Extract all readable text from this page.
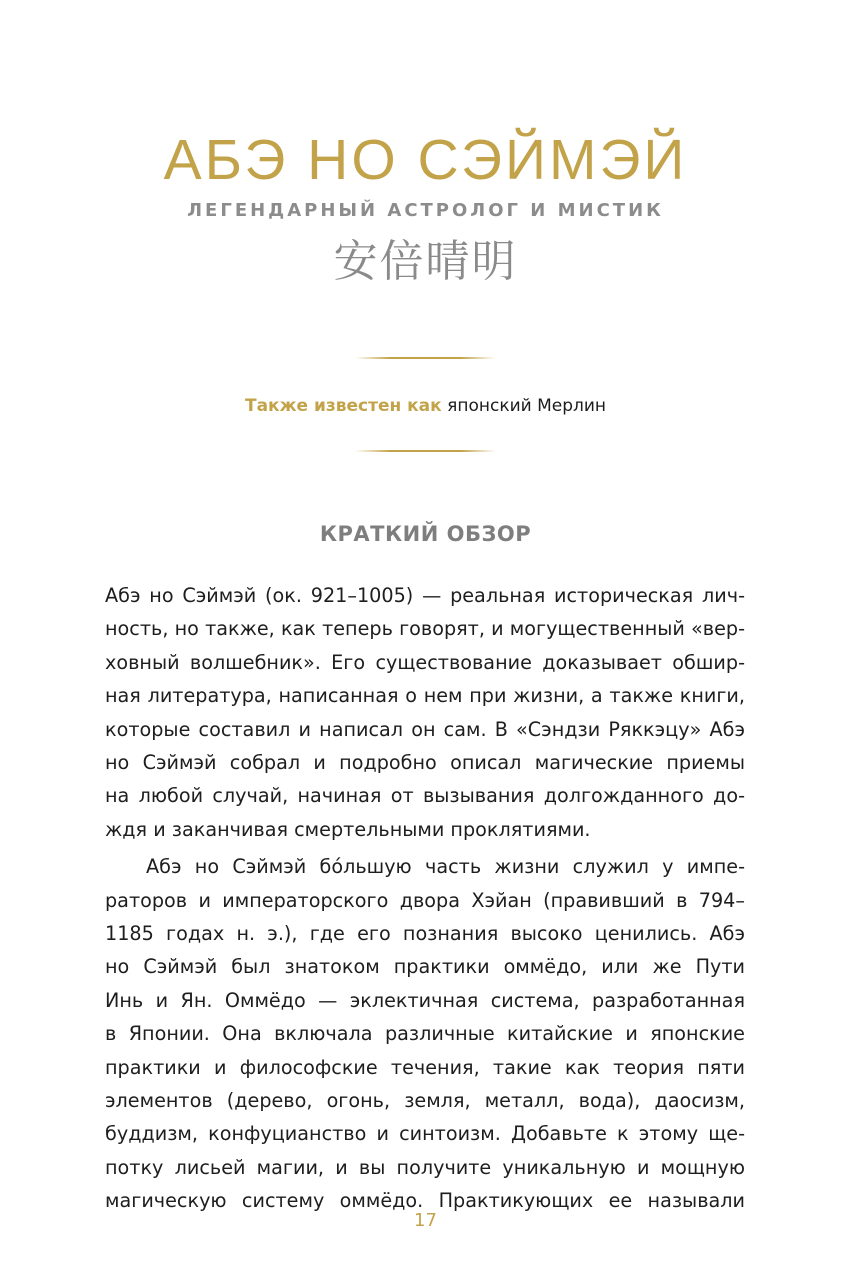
АБЭ НО СЭЙМЭЙ
ЛЕГЕНДАРНЫЙ АСТРОЛОГ И МИСТИК
安倍晴明
Также известен как японский Мерлин
КРАТКИЙ ОБЗОР
Абэ но Сэймэй (ок. 921–1005) — реальная историческая лич-
ность, но также, как теперь говорят, и могущественный «вер-
ховный волшебник». Его существование доказывает обшир-
ная литература, написанная о нем при жизни, а также книги,
которые составил и написал он сам. В «Сэндзи Ряккэцу» Абэ
но Сэймэй собрал и подробно описал магические приемы
на любой случай, начиная от вызывания долгожданного до-
ждя и заканчивая смертельными проклятиями.
Абэ но Сэймэй бóльшую часть жизни служил у импе-
раторов и императорского двора Хэйан (правивший в 794–
1185 годах н. э.), где его познания высоко ценились. Абэ
но Сэймэй был знатоком практики оммёдо, или же Пути
Инь и Ян. Оммёдо — эклектичная система, разработанная
в Японии. Она включала различные китайские и японские
практики и философские течения, такие как теория пяти
элементов (дерево, огонь, земля, металл, вода), даосизм,
буддизм, конфуцианство и синтоизм. Добавьте к этому ще-
потку лисьей магии, и вы получите уникальную и мощную
магическую систему оммёдо. Практикующих ее называли
17
